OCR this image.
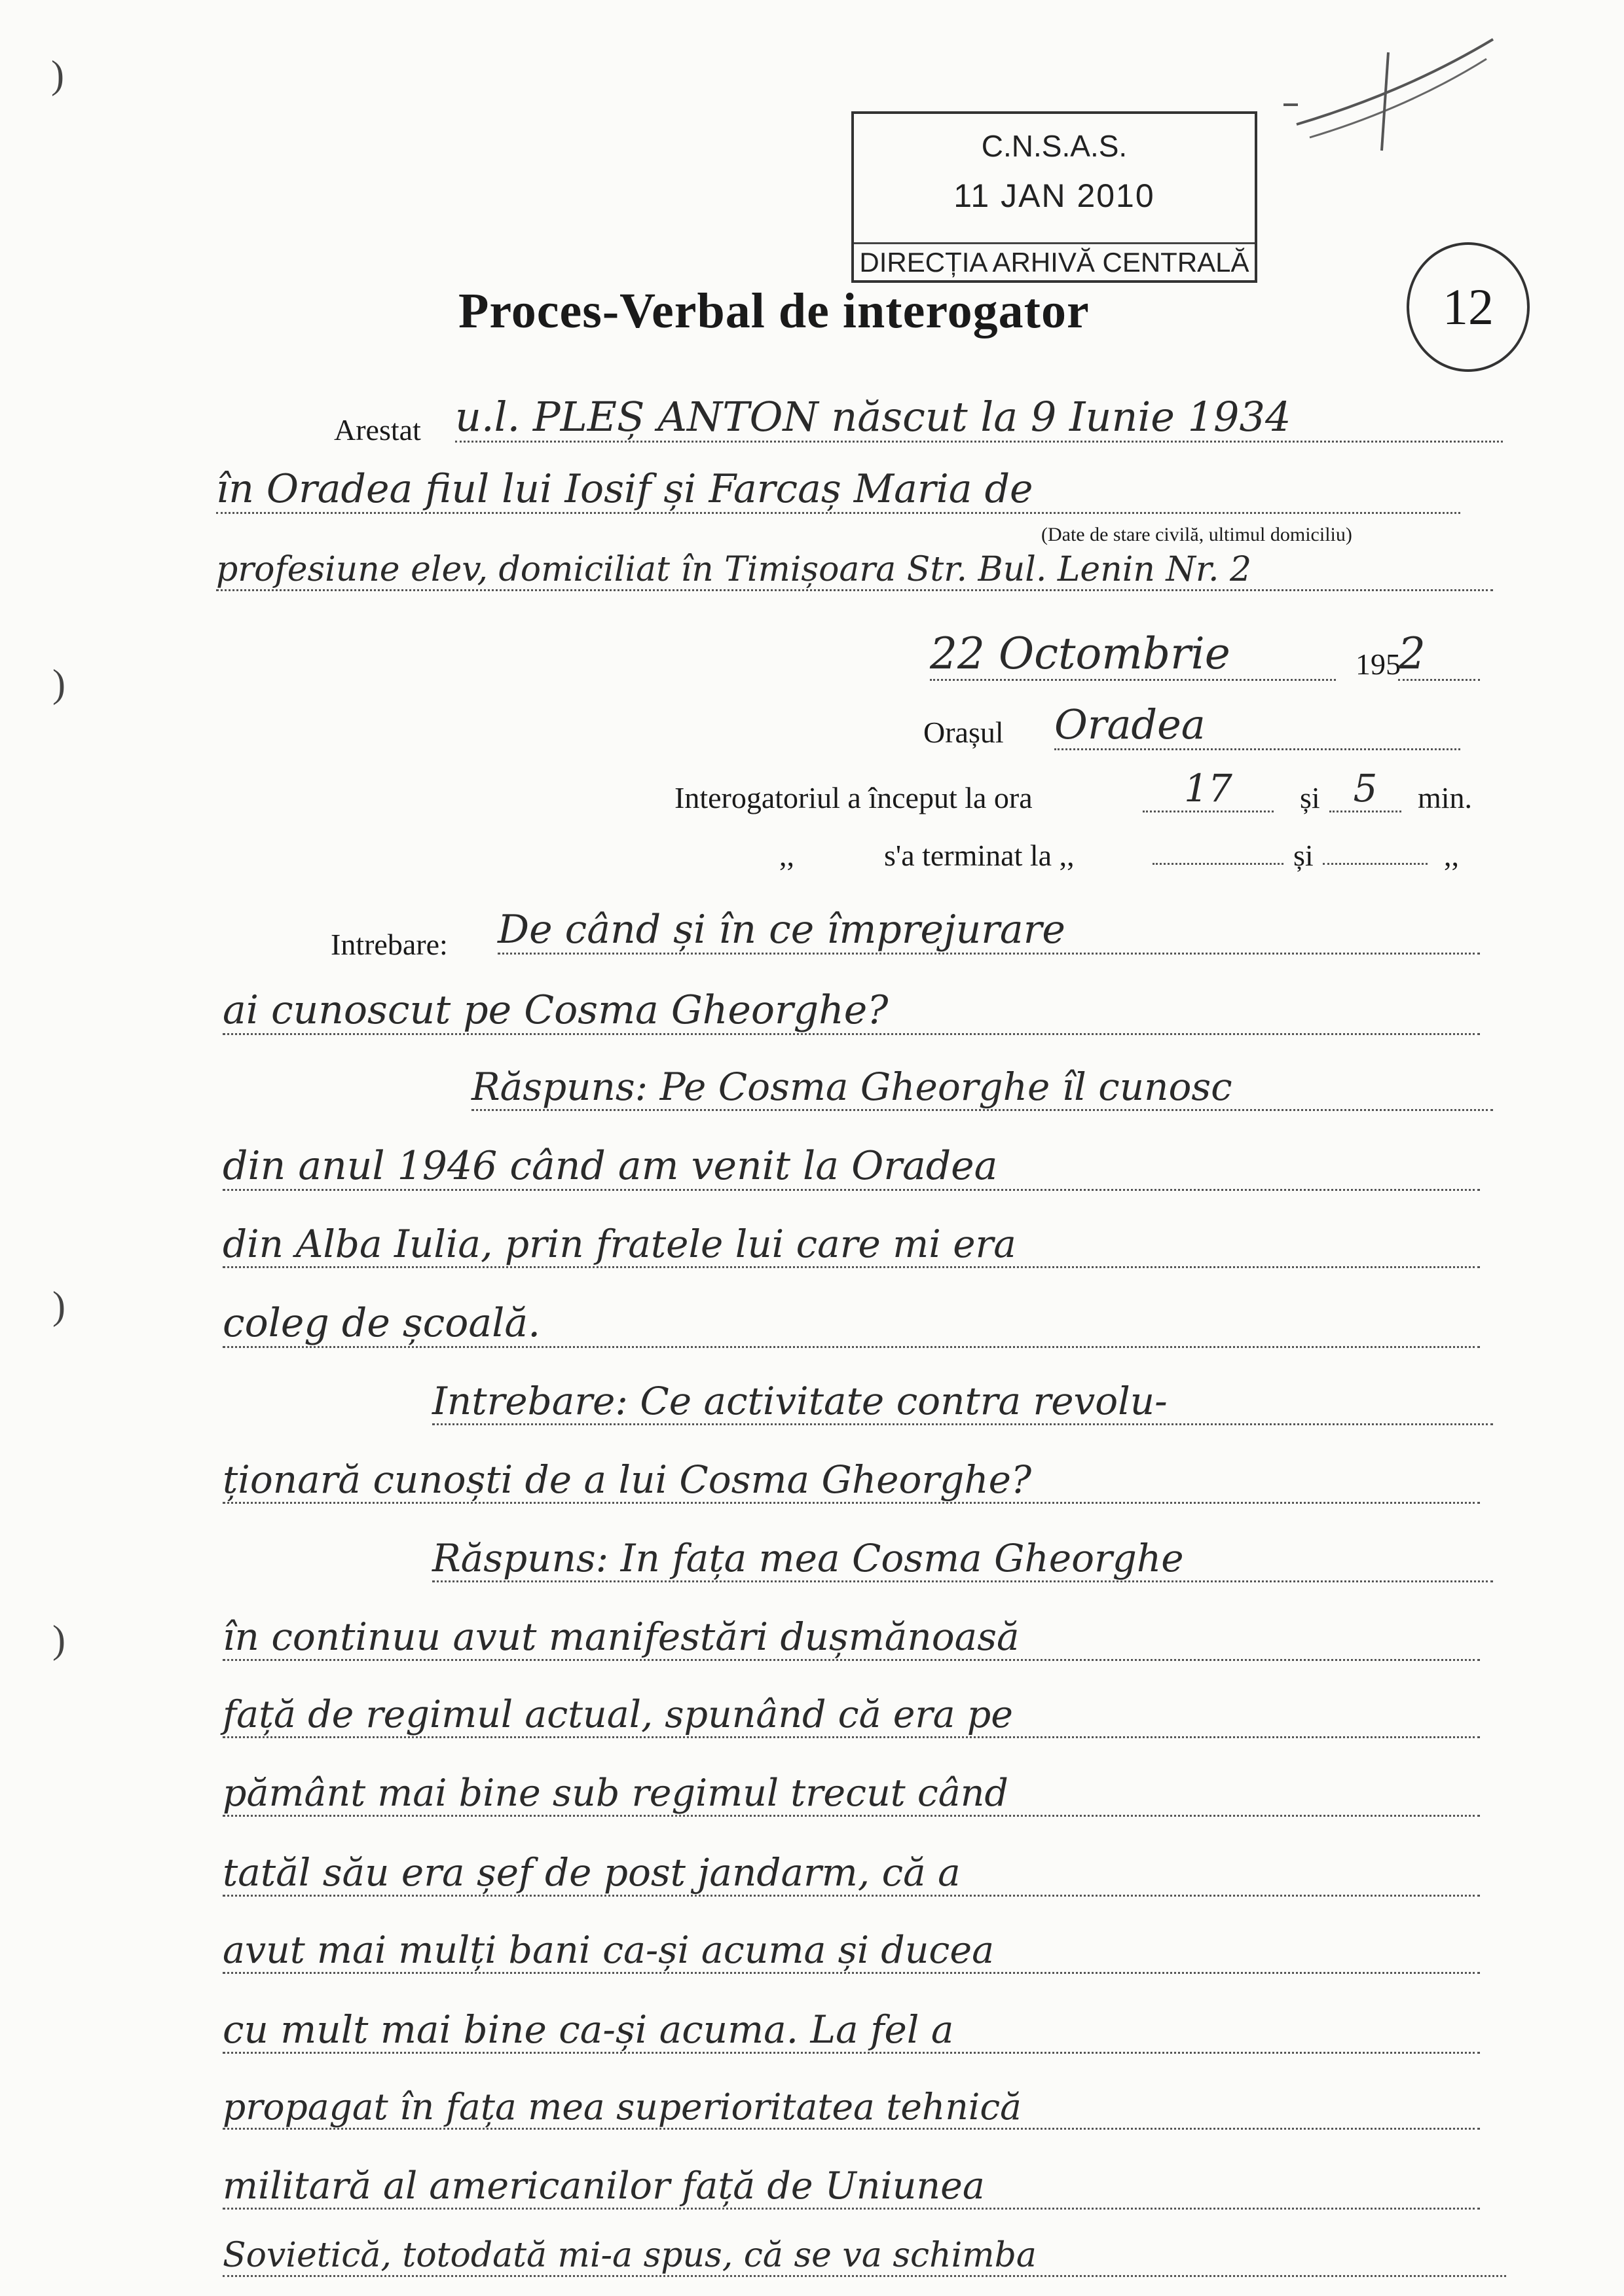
)
)
)
)
C.N.S.A.S.
11 JAN 2010
DIRECȚIA ARHIVĂ CENTRALĂ
12
Proces-Verbal de interogator
Arestat u.l. PLEȘ ANTON născut la 9 Iunie 1934
în Oradea fiul lui Iosif și Farcaș Maria de
(Date de stare civilă, ultimul domiciliu)
profesiune elev, domiciliat în Timișoara Str. Bul. Lenin Nr. 2
22 Octombrie	195
2
Orașul Oradea
Interogatoriul a început la ora	17	și 5	min.
,,	s'a terminat la ,,	și	,,
Intrebare: De când și în ce împrejurare
ai cunoscut pe Cosma Gheorghe?
Răspuns: Pe Cosma Gheorghe îl cunosc
din anul 1946 când am venit la Oradea
din Alba Iulia, prin fratele lui care mi era
coleg de școală.
Intrebare: Ce activitate contra revolu-
ționară cunoști de a lui Cosma Gheorghe?
Răspuns: In fața mea Cosma Gheorghe
în continuu avut manifestări dușmănoasă
față de regimul actual, spunând că era pe
pământ mai bine sub regimul trecut când
tatăl său era șef de post jandarm, că a
avut mai mulți bani ca-și acuma și ducea
cu mult mai bine ca-și acuma. La fel a
propagat în fața mea superioritatea tehnică
militară al americanilor față de Uniunea
Sovietică, totodată mi-a spus, că se va schimba
